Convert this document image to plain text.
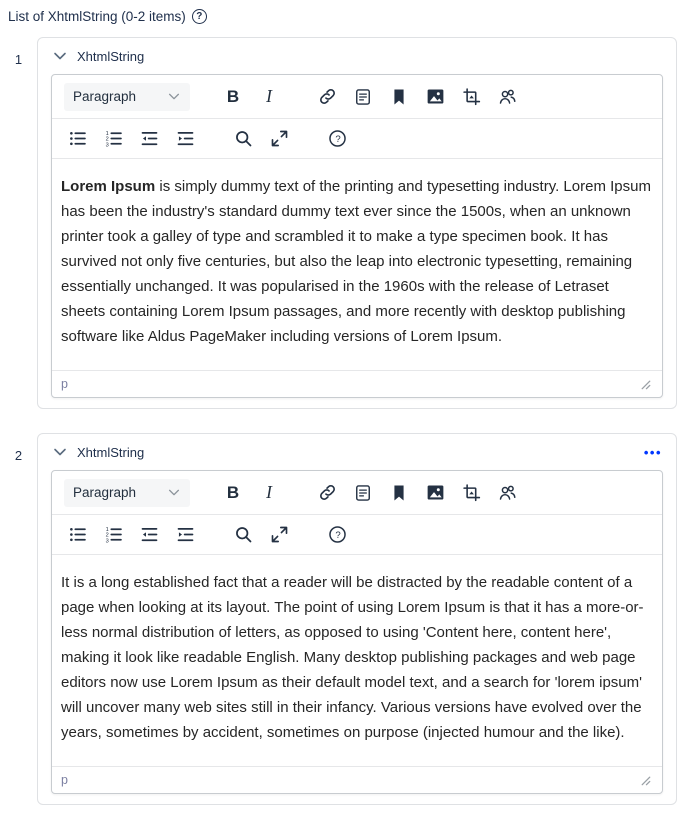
List of XhtmlString (0-2 items)	?
1	XhtmlString
Paragraph	B I

Lorem Ipsum is simply dummy text of the printing and typesetting industry. Lorem Ipsum has been the industry's standard dummy text ever since the 1500s, when an unknown printer took a galley of type and scrambled it to make a type specimen book. It has survived not only five centuries, but also the leap into electronic typesetting, remaining essentially unchanged. It was popularised in the 1960s with the release of Letraset sheets containing Lorem Ipsum passages, and more recently with desktop publishing software like Aldus PageMaker including versions of Lorem Ipsum.

p
2	XhtmlString	•••
Paragraph	B I

It is a long established fact that a reader will be distracted by the readable content of a page when looking at its layout. The point of using Lorem Ipsum is that it has a more-or-less normal distribution of letters, as opposed to using 'Content here, content here', making it look like readable English. Many desktop publishing packages and web page editors now use Lorem Ipsum as their default model text, and a search for 'lorem ipsum' will uncover many web sites still in their infancy. Various versions have evolved over the years, sometimes by accident, sometimes on purpose (injected humour and the like).

p
